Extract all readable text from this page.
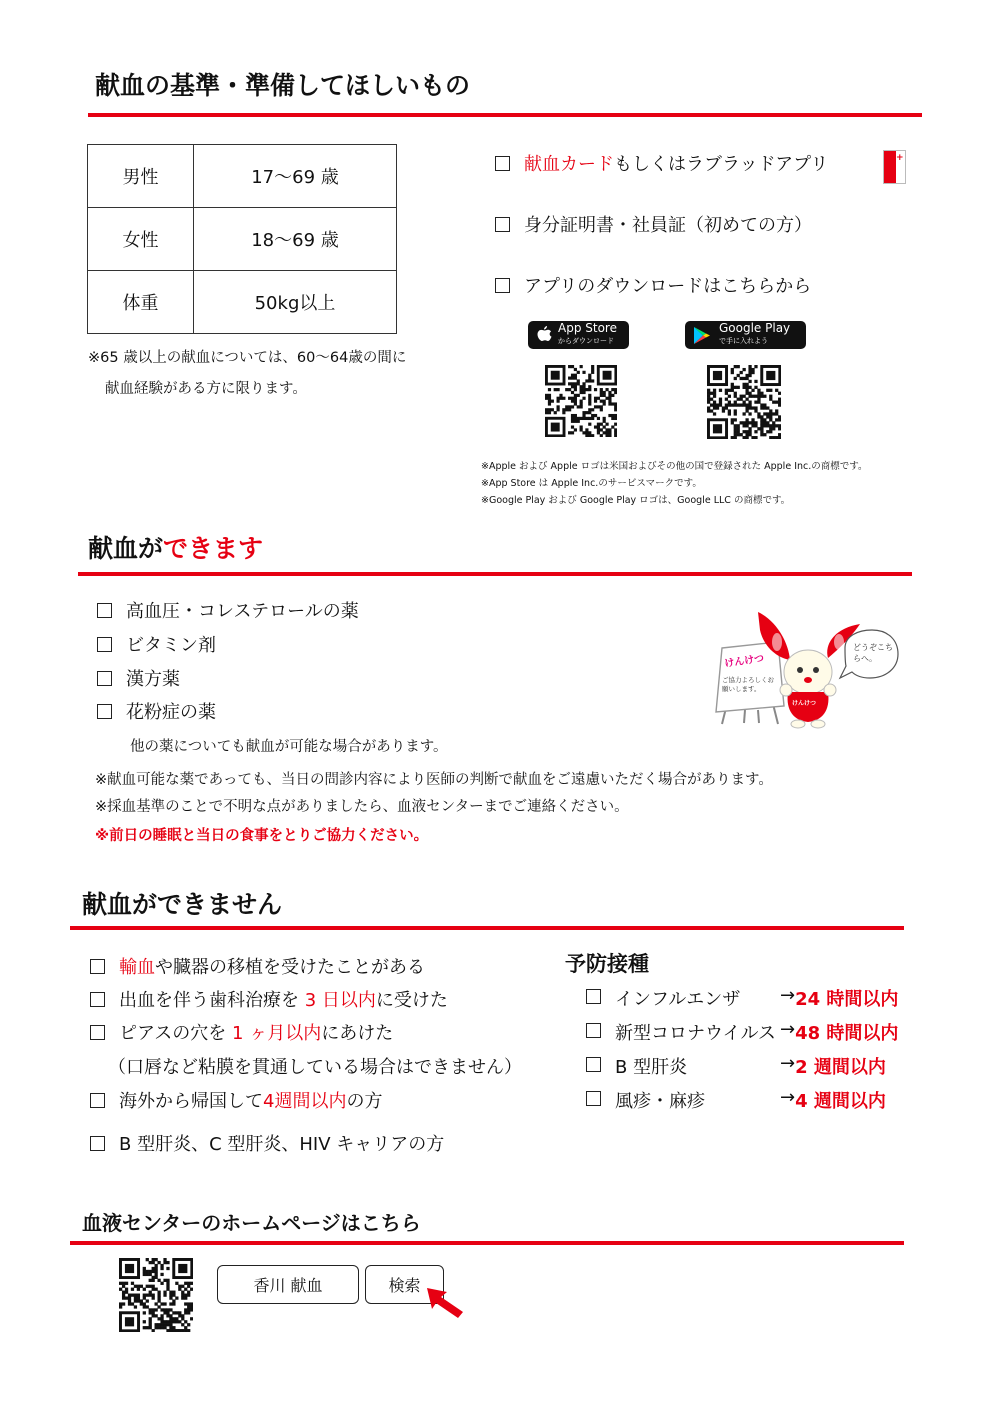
献血の基準・準備してほしいもの
男性	17～69 歳
女性	18～69 歳
体重	50kg以上
※65 歳以上の献血については、60～64歳の間に
献血経験がある方に限ります。
献血カードもしくはラブラッドアプリ	+
身分証明書・社員証（初めての方）
アプリのダウンロードはこちらから
App Store
からダウンロード
Google Play
で手に入れよう
※Apple および Apple ロゴは米国およびその他の国で登録された Apple Inc.の商標です。
※App Store は Apple Inc.のサービスマークです。
※Google Play および Google Play ロゴは、Google LLC の商標です。
献血ができます
高血圧・コレステロールの薬
ビタミン剤
漢方薬
花粉症の薬
他の薬についても献血が可能な場合があります。
※献血可能な薬であっても、当日の問診内容により医師の判断で献血をご遠慮いただく場合があります。
※採血基準のことで不明な点がありましたら、血液センターまでご連絡ください。
※前日の睡眠と当日の食事をとりご協力ください。
けんけつ
ご協力よろしくお願いします。
けんけつ
どうぞこちらへ。
献血ができません
輸血や臓器の移植を受けたことがある
出血を伴う歯科治療を 3 日以内に受けた
ピアスの穴を 1 ヶ月以内にあけた
（口唇など粘膜を貫通している場合はできません）
海外から帰国して4週間以内の方
B 型肝炎、C 型肝炎、HIV キャリアの方
予防接種
インフルエンザ	→ 24 時間以内
新型コロナウイルス → 48 時間以内
B 型肝炎	→ 2 週間以内
風疹・麻疹	→ 4 週間以内
血液センターのホームページはこちら
香川 献血	検索
